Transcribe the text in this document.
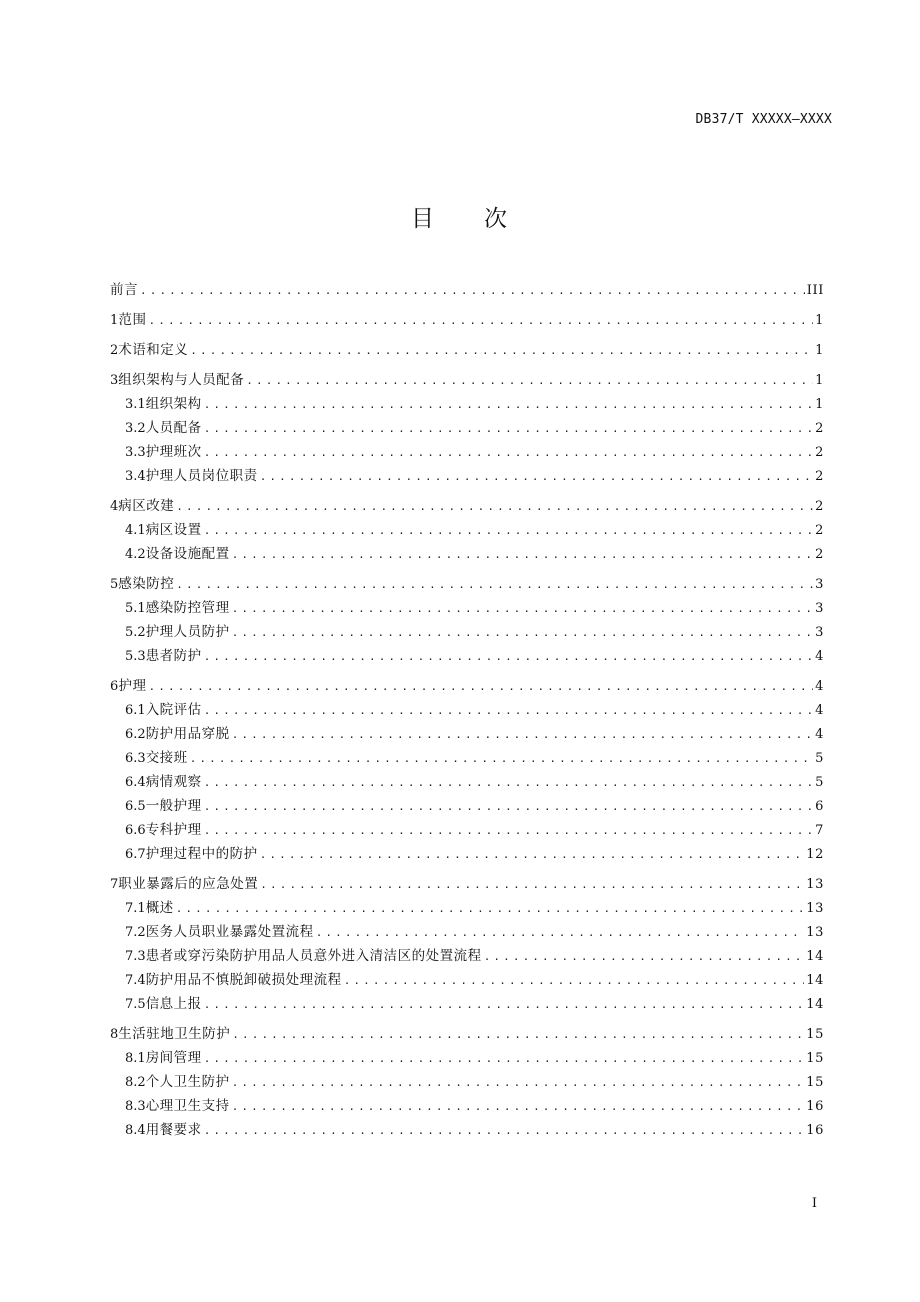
DB37/T XXXXX—XXXX
目 次
前言 .....	III
1 范围 .....	1
2 术语和定义 .....	1
3 组织架构与人员配备 .....	1
3.1 组织架构 .....	1
3.2 人员配备 .....	2
3.3 护理班次 .....	2
3.4 护理人员岗位职责 .....	2
4 病区改建 .....	2
4.1 病区设置 .....	2
4.2 设备设施配置 .....	2
5 感染防控 .....	3
5.1 感染防控管理 .....	3
5.2 护理人员防护 .....	3
5.3 患者防护 .....	4
6 护理 .....	4
6.1 入院评估 .....	4
6.2 防护用品穿脱 .....	4
6.3 交接班 .....	5
6.4 病情观察 .....	5
6.5 一般护理 .....	6
6.6 专科护理 .....	7
6.7 护理过程中的防护 .....	12
7 职业暴露后的应急处置 .....	13
7.1 概述 .....	13
7.2 医务人员职业暴露处置流程 .....	13
7.3 患者或穿污染防护用品人员意外进入清洁区的处置流程 .....	14
7.4 防护用品不慎脱卸破损处理流程 .....	14
7.5 信息上报 .....	14
8 生活驻地卫生防护 .....	15
8.1 房间管理 .....	15
8.2 个人卫生防护 .....	15
8.3 心理卫生支持 .....	16
8.4 用餐要求 .....	16
I
